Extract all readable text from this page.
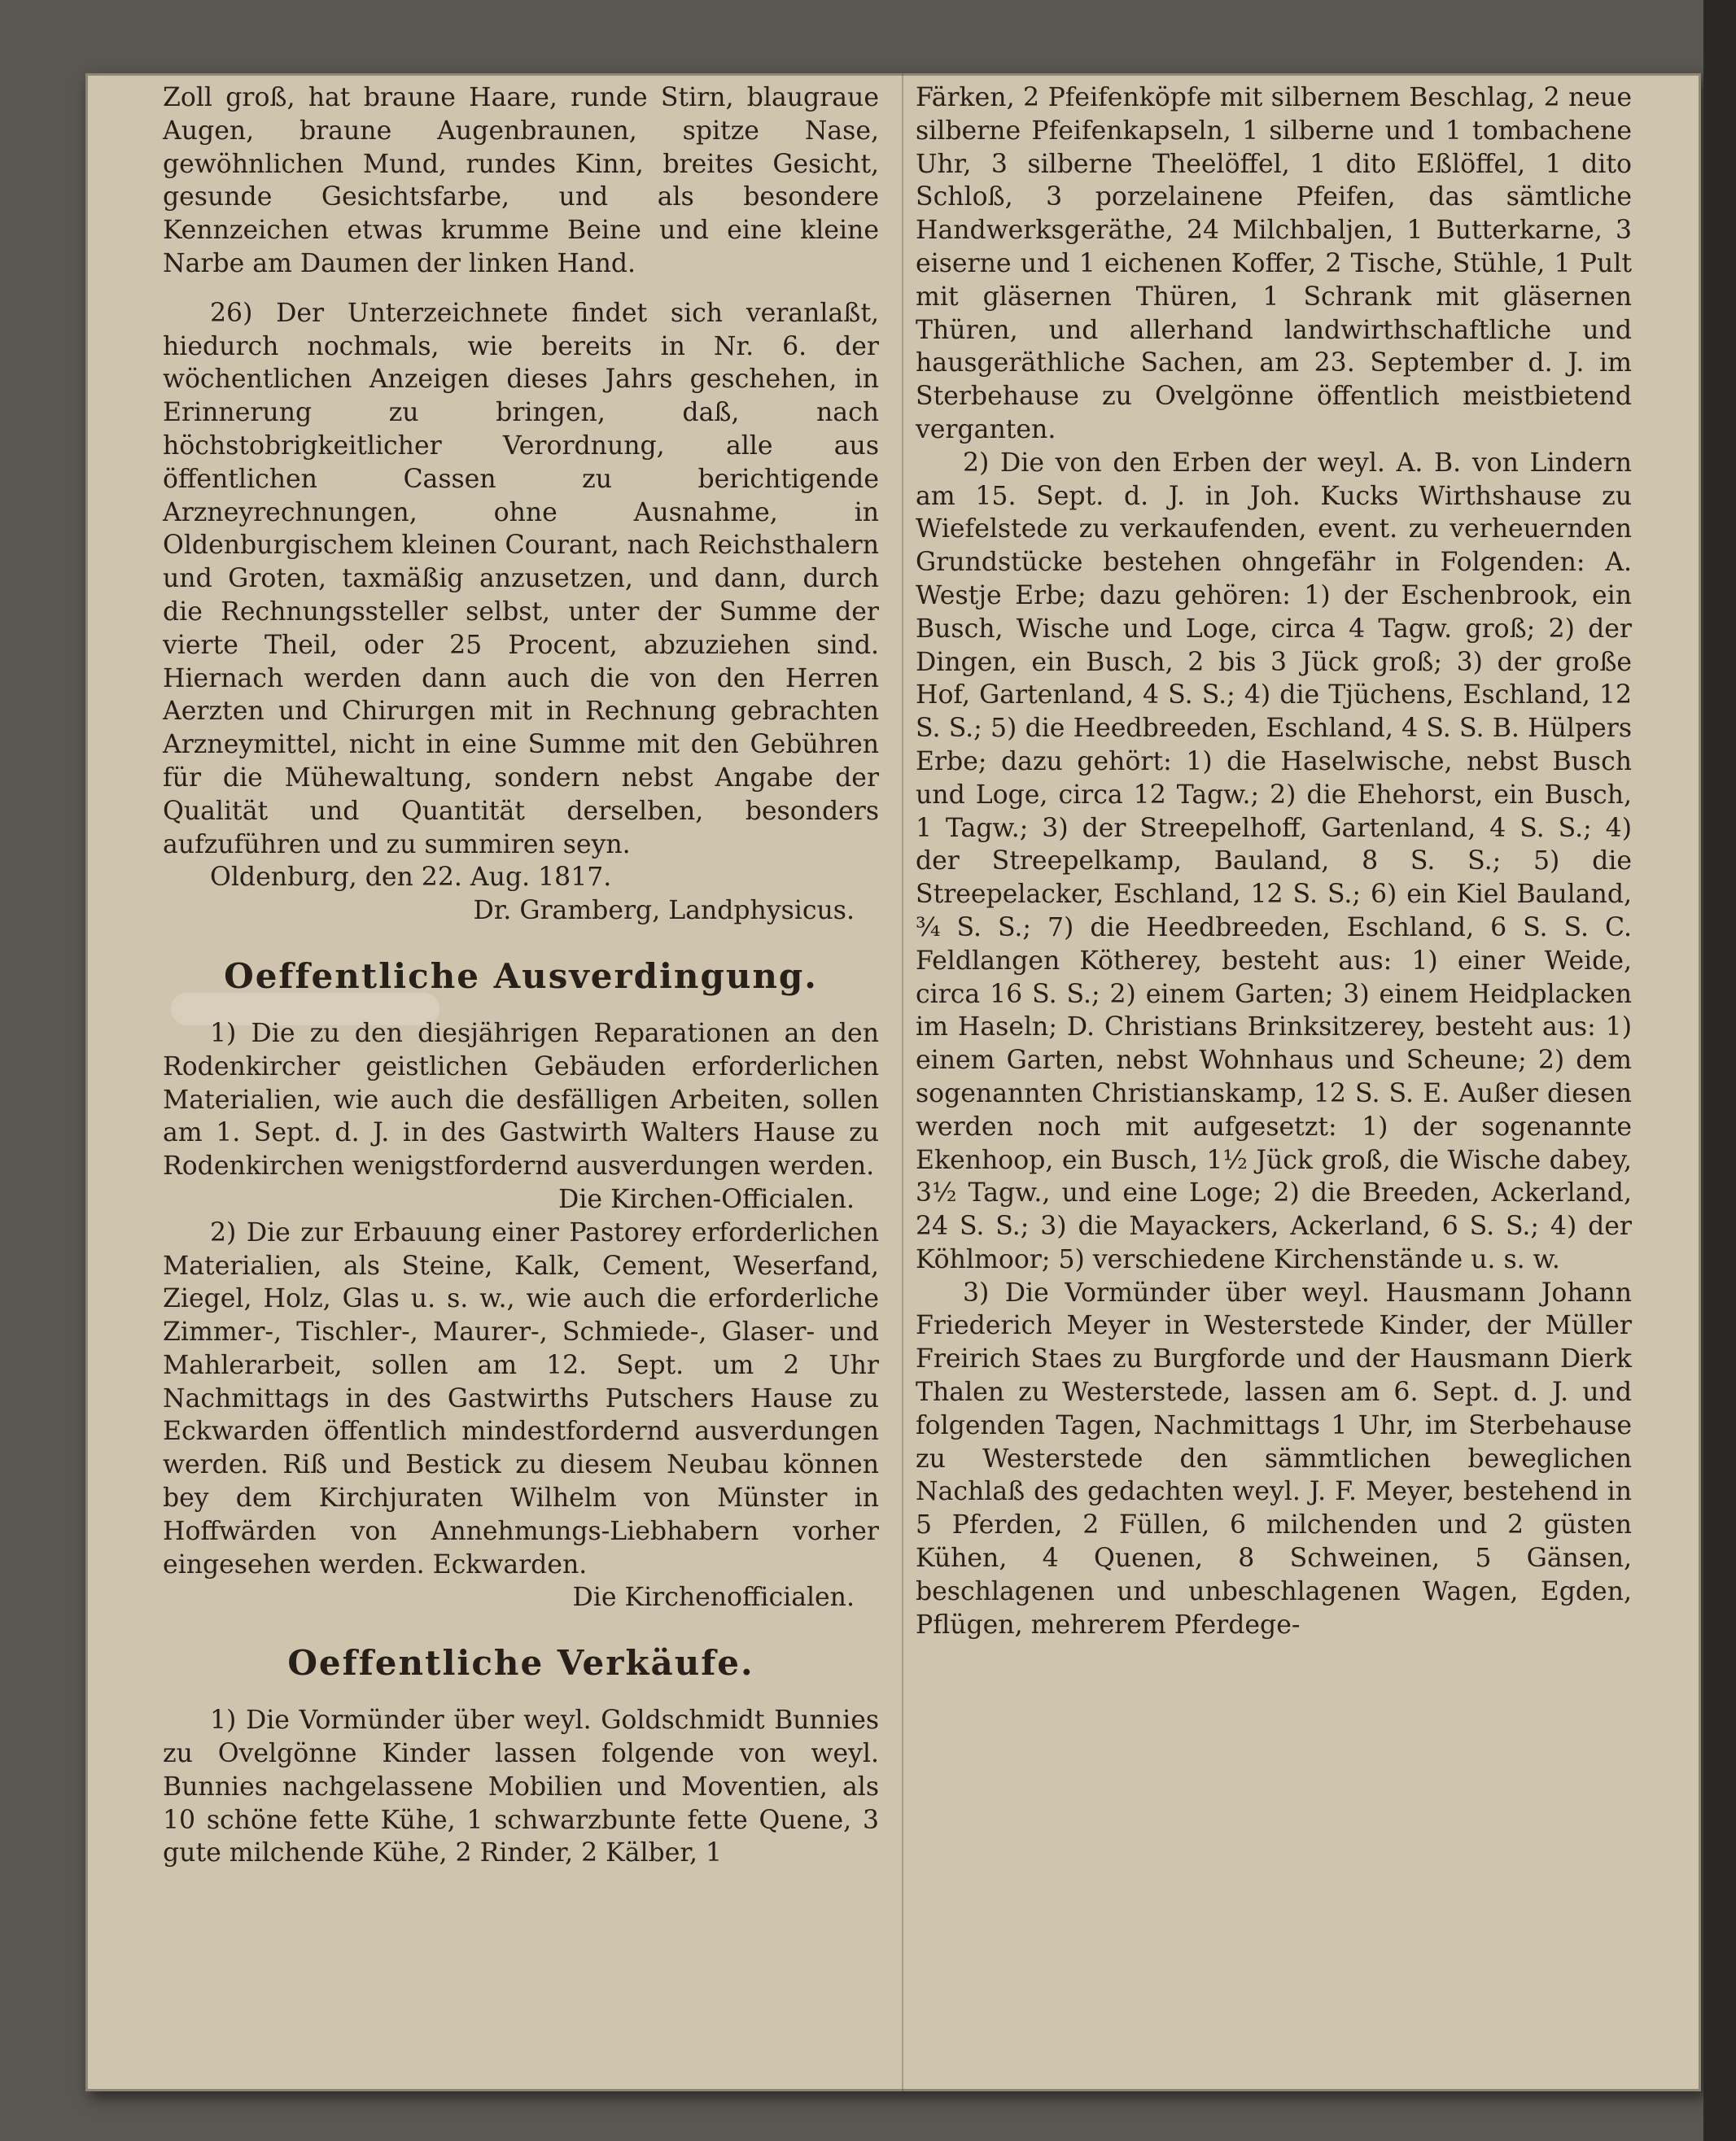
Zoll groß, hat braune Haare, runde Stirn, blaugraue Augen, braune Augenbraunen, spitze Nase, gewöhnlichen Mund, rundes Kinn, breites Gesicht, gesunde Gesichtsfarbe, und als besondere Kennzeichen etwas krumme Beine und eine kleine Narbe am Daumen der linken Hand.

26) Der Unterzeichnete findet sich veranlaßt, hiedurch nochmals, wie bereits in Nr. 6. der wöchentlichen Anzeigen dieses Jahrs geschehen, in Erinnerung zu bringen, daß, nach höchstobrigkeitlicher Verordnung, alle aus öffentlichen Cassen zu berichtigende Arzneyrechnungen, ohne Ausnahme, in Oldenburgischem kleinen Courant, nach Reichsthalern und Groten, taxmäßig anzusetzen, und dann, durch die Rechnungssteller selbst, unter der Summe der vierte Theil, oder 25 Procent, abzuziehen sind. Hiernach werden dann auch die von den Herren Aerzten und Chirurgen mit in Rechnung gebrachten Arzneymittel, nicht in eine Summe mit den Gebühren für die Mühewaltung, sondern nebst Angabe der Qualität und Quantität derselben, besonders aufzuführen und zu summiren seyn.

Oldenburg, den 22. Aug. 1817.

Dr. Gramberg, Landphysicus.

Oeffentliche Ausverdingung.

1) Die zu den diesjährigen Reparationen an den Rodenkircher geistlichen Gebäuden erforderlichen Materialien, wie auch die desfälligen Arbeiten, sollen am 1. Sept. d. J. in des Gastwirth Walters Hause zu Rodenkirchen wenigstfordernd ausverdungen werden.

Die Kirchen-Officialen.

2) Die zur Erbauung einer Pastorey erforderlichen Materialien, als Steine, Kalk, Cement, Weserfand, Ziegel, Holz, Glas u. s. w., wie auch die erforderliche Zimmer-, Tischler-, Maurer-, Schmiede-, Glaser- und Mahlerarbeit, sollen am 12. Sept. um 2 Uhr Nachmittags in des Gastwirths Putschers Hause zu Eckwarden öffentlich mindestfordernd ausverdungen werden. Riß und Bestick zu diesem Neubau können bey dem Kirchjuraten Wilhelm von Münster in Hoffwärden von Annehmungs-Liebhabern vorher eingesehen werden. Eckwarden.

Die Kirchenofficialen.

Oeffentliche Verkäufe.

1) Die Vormünder über weyl. Goldschmidt Bunnies zu Ovelgönne Kinder lassen folgende von weyl. Bunnies nachgelassene Mobilien und Moventien, als 10 schöne fette Kühe, 1 schwarzbunte fette Quene, 3 gute milchende Kühe, 2 Rinder, 2 Kälber, 1

Färken, 2 Pfeifenköpfe mit silbernem Beschlag, 2 neue silberne Pfeifenkapseln, 1 silberne und 1 tombachene Uhr, 3 silberne Theelöffel, 1 dito Eßlöffel, 1 dito Schloß, 3 porzelainene Pfeifen, das sämtliche Handwerksgeräthe, 24 Milchbaljen, 1 Butterkarne, 3 eiserne und 1 eichenen Koffer, 2 Tische, Stühle, 1 Pult mit gläsernen Thüren, 1 Schrank mit gläsernen Thüren, und allerhand landwirthschaftliche und hausgeräthliche Sachen, am 23. September d. J. im Sterbehause zu Ovelgönne öffentlich meistbietend verganten.

2) Die von den Erben der weyl. A. B. von Lindern am 15. Sept. d. J. in Joh. Kucks Wirthshause zu Wiefelstede zu verkaufenden, event. zu verheuernden Grundstücke bestehen ohngefähr in Folgenden: A. Westje Erbe; dazu gehören: 1) der Eschenbrook, ein Busch, Wische und Loge, circa 4 Tagw. groß; 2) der Dingen, ein Busch, 2 bis 3 Jück groß; 3) der große Hof, Gartenland, 4 S. S.; 4) die Tjüchens, Eschland, 12 S. S.; 5) die Heedbreeden, Eschland, 4 S. S. B. Hülpers Erbe; dazu gehört: 1) die Haselwische, nebst Busch und Loge, circa 12 Tagw.; 2) die Ehehorst, ein Busch, 1 Tagw.; 3) der Streepelhoff, Gartenland, 4 S. S.; 4) der Streepelkamp, Bauland, 8 S. S.; 5) die Streepelacker, Eschland, 12 S. S.; 6) ein Kiel Bauland, ¾ S. S.; 7) die Heedbreeden, Eschland, 6 S. S. C. Feldlangen Kötherey, besteht aus: 1) einer Weide, circa 16 S. S.; 2) einem Garten; 3) einem Heidplacken im Haseln; D. Christians Brinksitzerey, besteht aus: 1) einem Garten, nebst Wohnhaus und Scheune; 2) dem sogenannten Christianskamp, 12 S. S. E. Außer diesen werden noch mit aufgesetzt: 1) der sogenannte Ekenhoop, ein Busch, 1½ Jück groß, die Wische dabey, 3½ Tagw., und eine Loge; 2) die Breeden, Ackerland, 24 S. S.; 3) die Mayackers, Ackerland, 6 S. S.; 4) der Köhlmoor; 5) verschiedene Kirchenstände u. s. w.

3) Die Vormünder über weyl. Hausmann Johann Friederich Meyer in Westerstede Kinder, der Müller Freirich Staes zu Burgforde und der Hausmann Dierk Thalen zu Westerstede, lassen am 6. Sept. d. J. und folgenden Tagen, Nachmittags 1 Uhr, im Sterbehause zu Westerstede den sämmtlichen beweglichen Nachlaß des gedachten weyl. J. F. Meyer, bestehend in 5 Pferden, 2 Füllen, 6 milchenden und 2 güsten Kühen, 4 Quenen, 8 Schweinen, 5 Gänsen, beschlagenen und unbeschlagenen Wagen, Egden, Pflügen, mehrerem Pferdege-
